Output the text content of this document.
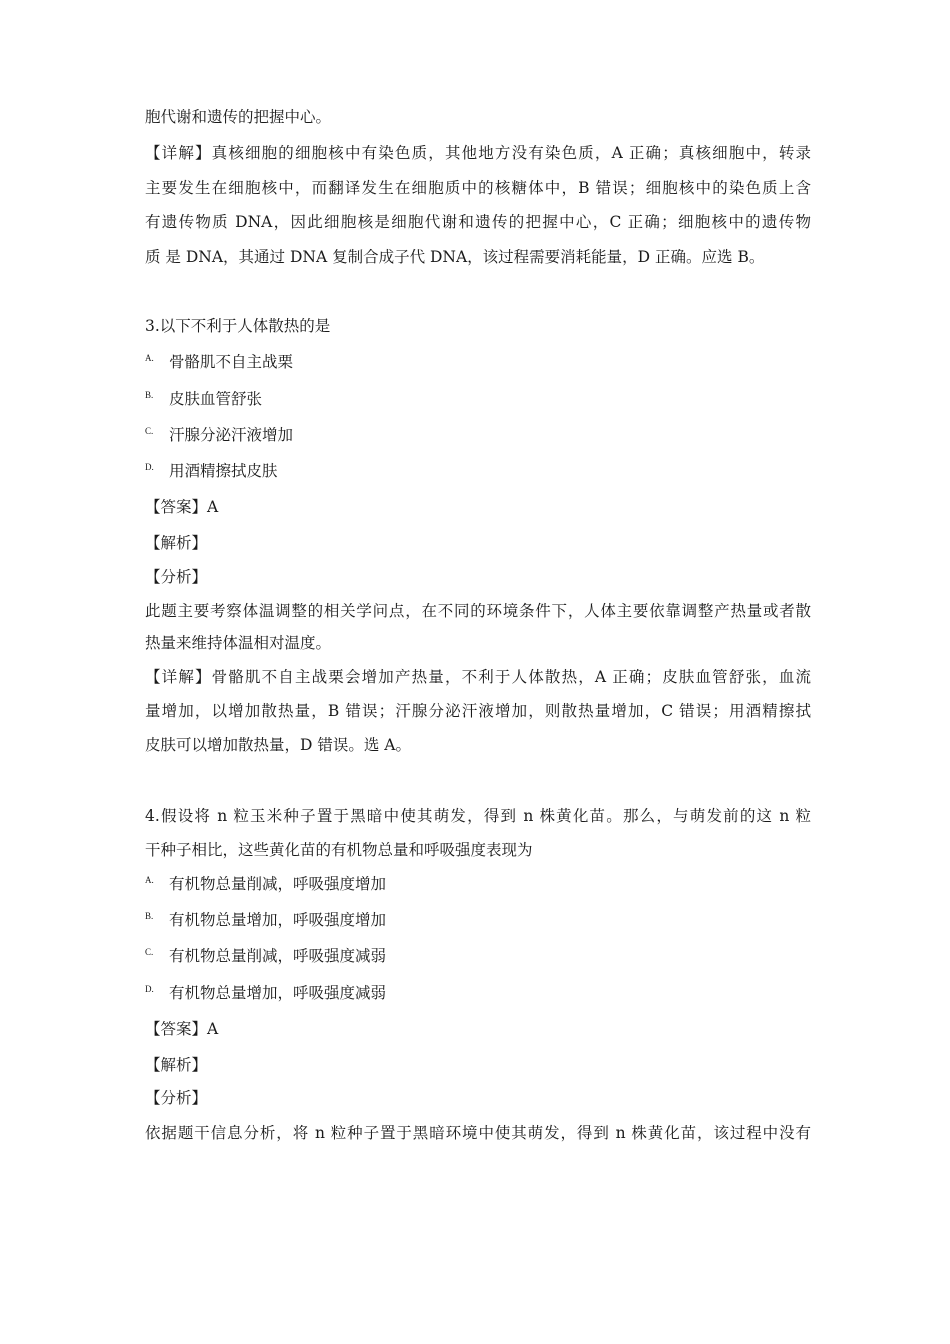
胞代谢和遗传的把握中心。
【详解】真核细胞的细胞核中有染色质，其他地方没有染色质，A 正确；真核细胞中，转录
主要发生在细胞核中，而翻译发生在细胞质中的核糖体中，B 错误；细胞核中的染色质上含
有遗传物质 DNA，因此细胞核是细胞代谢和遗传的把握中心，C 正确；细胞核中的遗传物
质 是 DNA，其通过 DNA 复制合成子代 DNA，该过程需要消耗能量，D 正确。应选 B。
3.以下不利于人体散热的是
A. 骨骼肌不自主战栗
B. 皮肤血管舒张
C. 汗腺分泌汗液增加
D. 用酒精擦拭皮肤
【答案】A
【解析】
【分析】
此题主要考察体温调整的相关学问点，在不同的环境条件下，人体主要依靠调整产热量或者散
热量来维持体温相对温度。
【详解】骨骼肌不自主战栗会增加产热量，不利于人体散热，A 正确；皮肤血管舒张，血流
量增加，以增加散热量，B 错误；汗腺分泌汗液增加，则散热量增加，C 错误；用酒精擦拭
皮肤可以增加散热量，D 错误。选 A。
4.假设将 n 粒玉米种子置于黑暗中使其萌发，得到 n 株黄化苗。那么，与萌发前的这 n 粒
干种子相比，这些黄化苗的有机物总量和呼吸强度表现为
A. 有机物总量削减，呼吸强度增加
B. 有机物总量增加，呼吸强度增加
C. 有机物总量削减，呼吸强度减弱
D. 有机物总量增加，呼吸强度减弱
【答案】A
【解析】
【分析】
依据题干信息分析，将 n 粒种子置于黑暗环境中使其萌发，得到 n 株黄化苗，该过程中没有
